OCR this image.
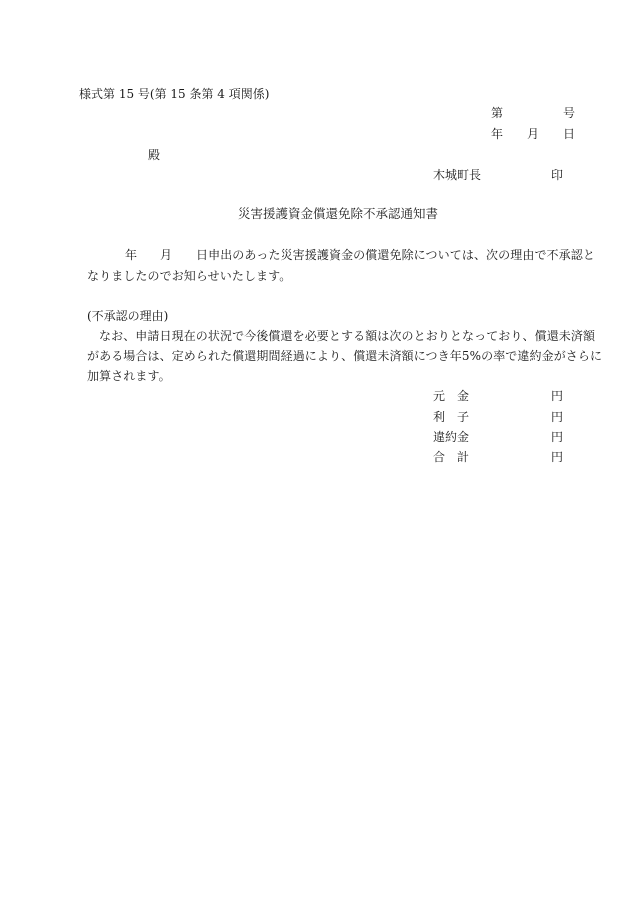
様式第 15 号(第 15 条第 4 項関係)
第	号
年 月 日
殿
木城町長	印
災害援護資金償還免除不承認通知書
年 月 日申出のあった災害援護資金の償還免除については、次の理由で不承認と
なりましたのでお知らせいたします。
(不承認の理由)
なお、申請日現在の状況で今後償還を必要とする額は次のとおりとなっており、償還未済額
がある場合は、定められた償還期間経過により、償還未済額につき年5%の率で違約金がさらに
加算されます。
元 金	円
利 子	円
違約金	円
合 計	円
